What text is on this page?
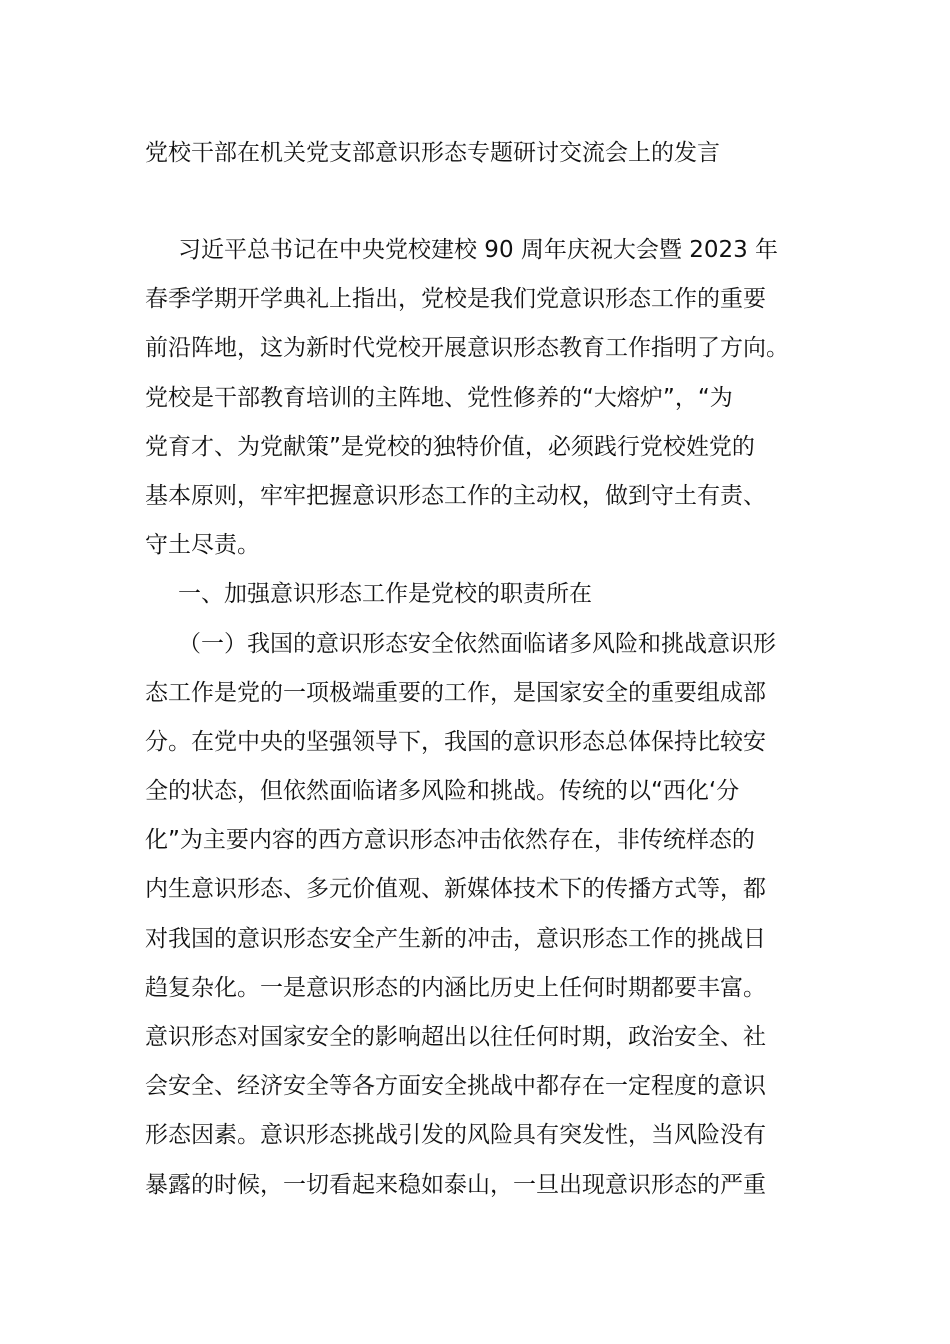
党校干部在机关党支部意识形态专题研讨交流会上的发言

习近平总书记在中央党校建校 90 周年庆祝大会暨 2023 年

春季学期开学典礼上指出，党校是我们党意识形态工作的重要

前沿阵地，这为新时代党校开展意识形态教育工作指明了方向。

党校是干部教育培训的主阵地、党性修养的“大熔炉”，“为

党育才、为党献策”是党校的独特价值，必须践行党校姓党的

基本原则，牢牢把握意识形态工作的主动权，做到守土有责、

守土尽责。

一、加强意识形态工作是党校的职责所在

（一）我国的意识形态安全依然面临诸多风险和挑战意识形

态工作是党的一项极端重要的工作，是国家安全的重要组成部

分。在党中央的坚强领导下，我国的意识形态总体保持比较安

全的状态，但依然面临诸多风险和挑战。传统的以“西化‘分

化”为主要内容的西方意识形态冲击依然存在，非传统样态的

内生意识形态、多元价值观、新媒体技术下的传播方式等，都

对我国的意识形态安全产生新的冲击，意识形态工作的挑战日

趋复杂化。一是意识形态的内涵比历史上任何时期都要丰富。

意识形态对国家安全的影响超出以往任何时期，政治安全、社

会安全、经济安全等各方面安全挑战中都存在一定程度的意识

形态因素。意识形态挑战引发的风险具有突发性，当风险没有

暴露的时候，一切看起来稳如泰山，一旦出现意识形态的严重
